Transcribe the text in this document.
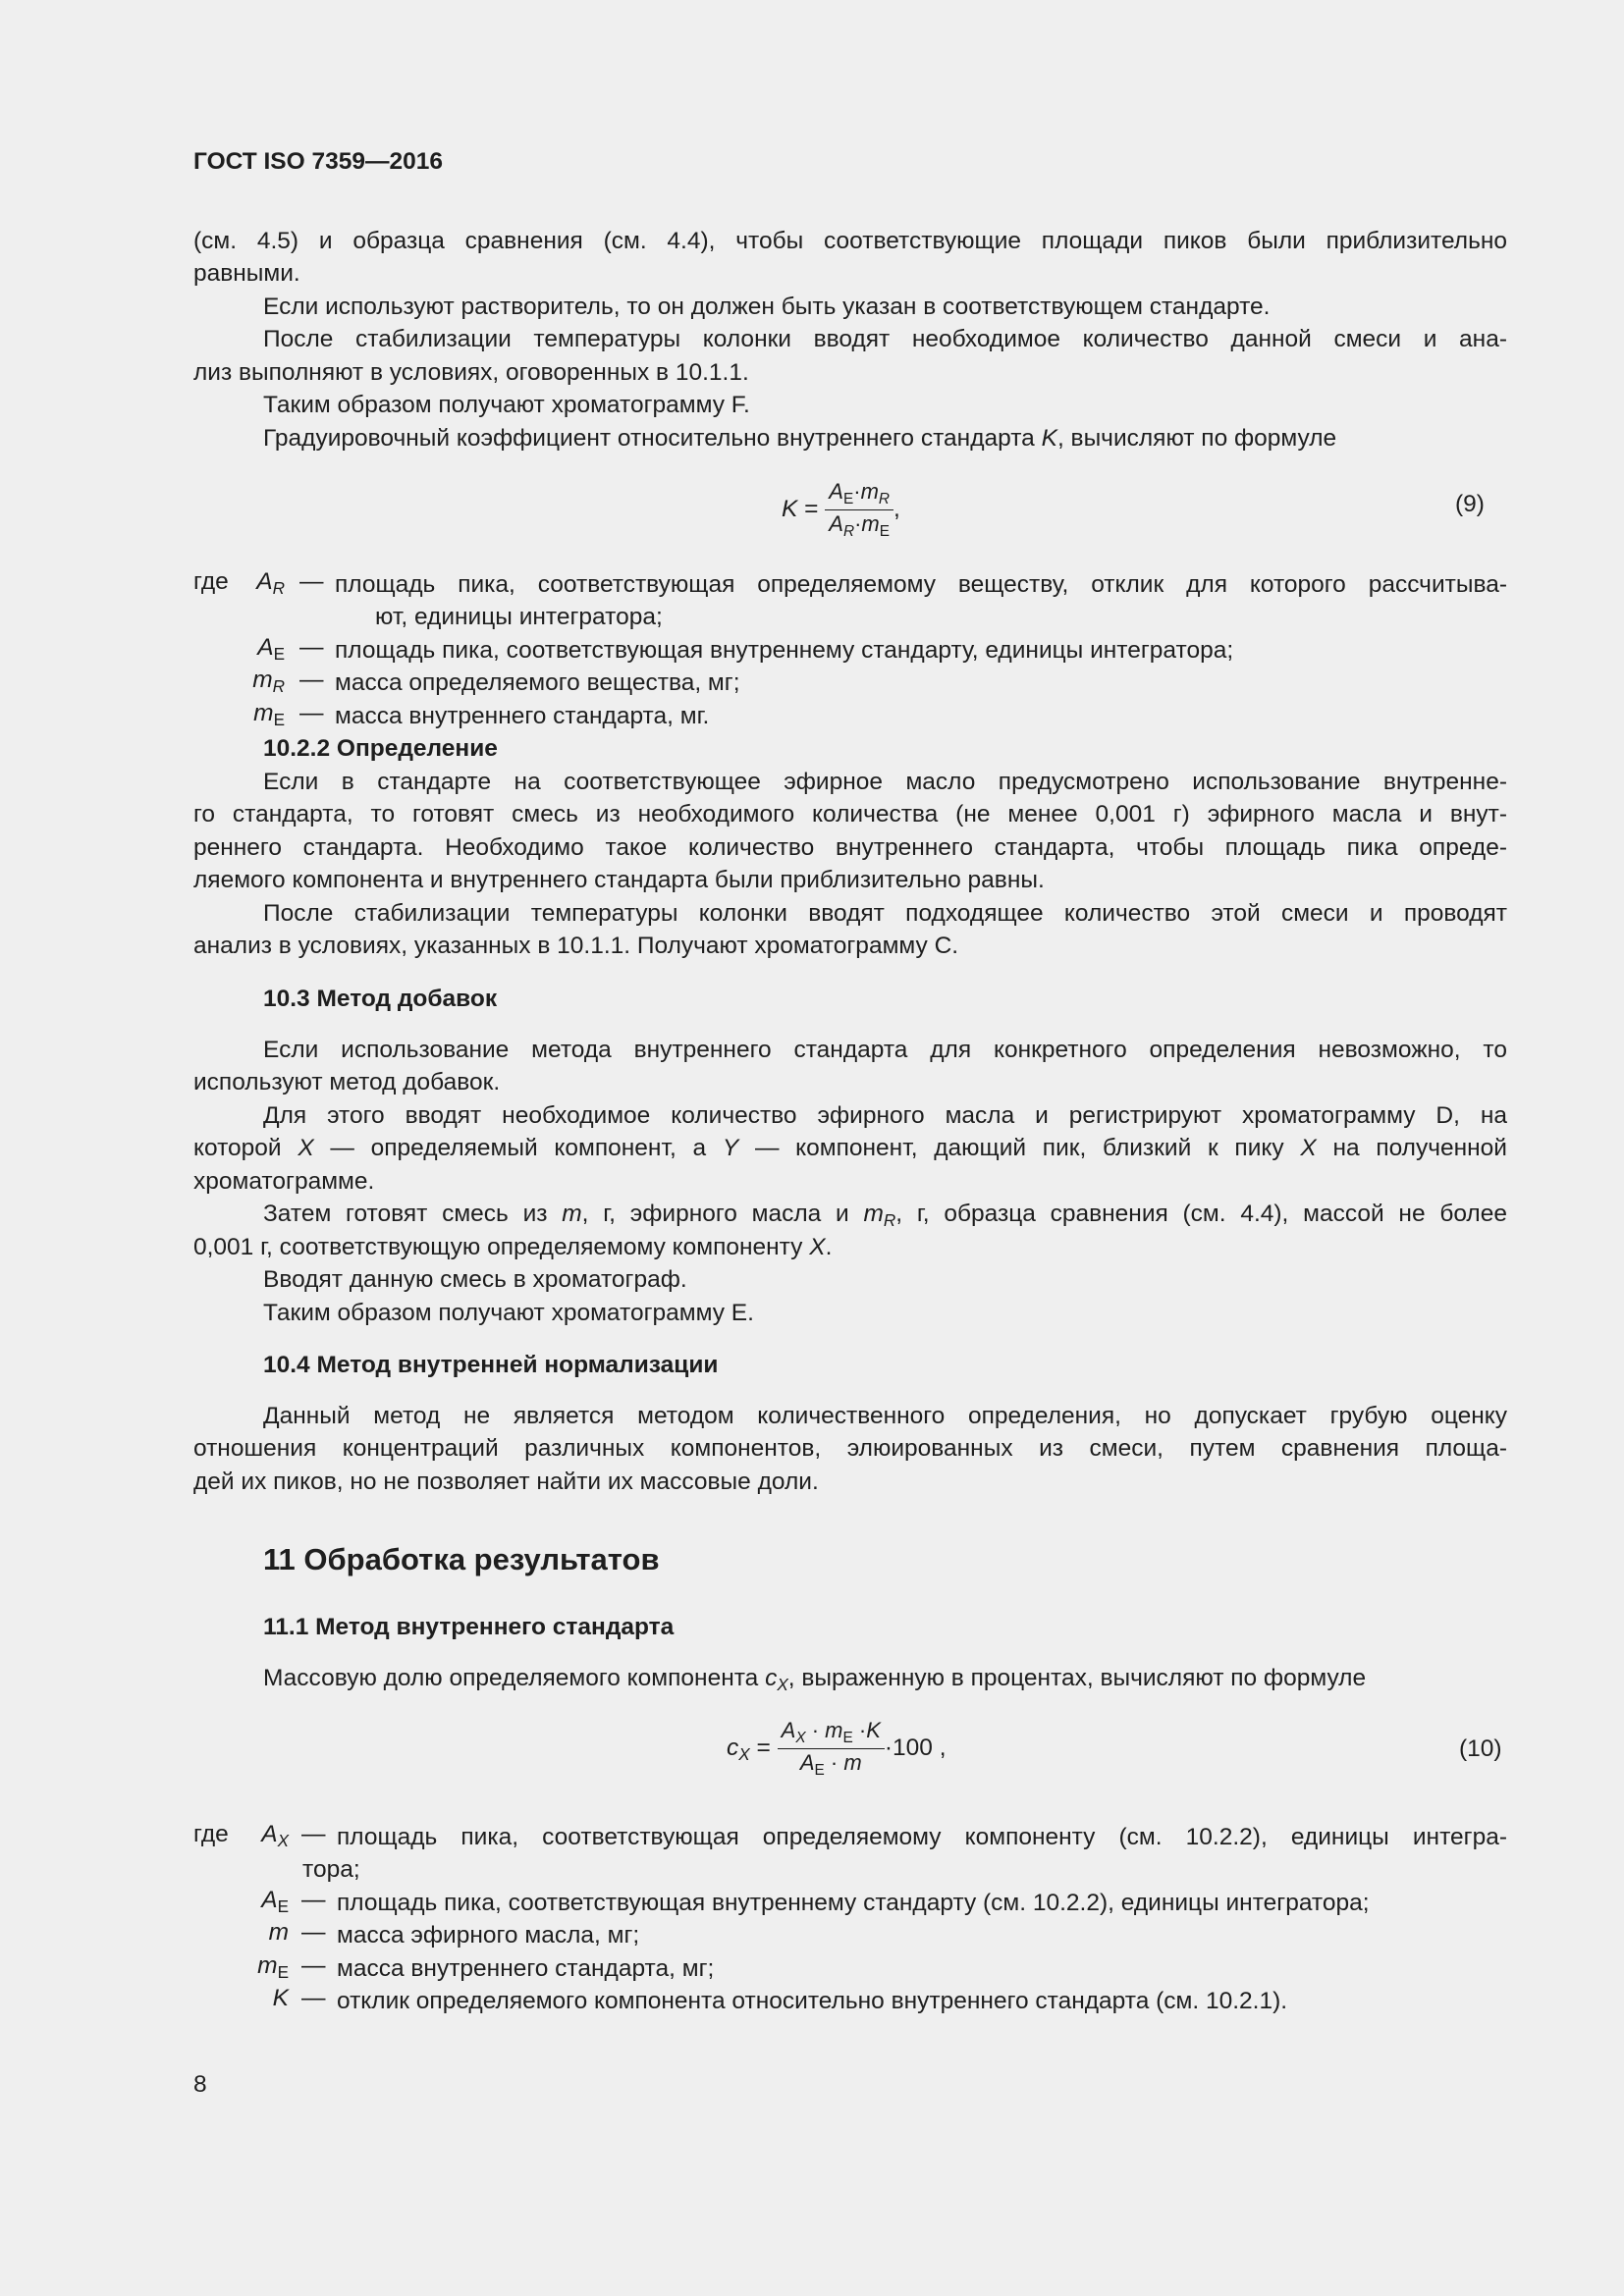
ГОСТ ISO 7359—2016
(см. 4.5) и образца сравнения (см. 4.4), чтобы соответствующие площади пиков были приблизительно
равными.
Если используют растворитель, то он должен быть указан в соответствующем стандарте.
После стабилизации температуры колонки вводят необходимое количество данной смеси и ана-
лиз выполняют в условиях, оговоренных в 10.1.1.
Таким образом получают хроматограмму F.
Градуировочный коэффициент относительно внутреннего стандарта K, вычисляют по формуле
$K = \frac{A_E\cdot m_R}{A_R\cdot m_E}$ ,	(9)
где	$A_R$ — площадь пика, соответствующая определяемому веществу, отклик для которого рассчитыва-
ют, единицы интегратора;
$A_E$ — площадь пика, соответствующая внутреннему стандарту, единицы интегратора;
$m_R$ — масса определяемого вещества, мг;
$m_E$ — масса внутреннего стандарта, мг.
10.2.2 Определение
Если в стандарте на соответствующее эфирное масло предусмотрено использование внутренне-
го стандарта, то готовят смесь из необходимого количества (не менее 0,001 г) эфирного масла и внут-
реннего стандарта. Необходимо такое количество внутреннего стандарта, чтобы площадь пика опреде-
ляемого компонента и внутреннего стандарта были приблизительно равны.
После стабилизации температуры колонки вводят подходящее количество этой смеси и проводят
анализ в условиях, указанных в 10.1.1. Получают хроматограмму С.
10.3 Метод добавок
Если использование метода внутреннего стандарта для конкретного определения невозможно, то
используют метод добавок.
Для этого вводят необходимое количество эфирного масла и регистрируют хроматограмму D, на
которой X — определяемый компонент, а Y — компонент, дающий пик, близкий к пику X на полученной
хроматограмме.
Затем готовят смесь из m, г, эфирного масла и $m_R$, г, образца сравнения (см. 4.4), массой не более
0,001 г, соответствующую определяемому компоненту X.
Вводят данную смесь в хроматограф.
Таким образом получают хроматограмму Е.
10.4 Метод внутренней нормализации
Данный метод не является методом количественного определения, но допускает грубую оценку
отношения концентраций различных компонентов, элюированных из смеси, путем сравнения площа-
дей их пиков, но не позволяет найти их массовые доли.
11 Обработка результатов
11.1 Метод внутреннего стандарта
Массовую долю определяемого компонента $c_X$, выраженную в процентах, вычисляют по формуле
$c_X = \frac{A_X \cdot m_E \cdot K}{A_E \cdot m} \cdot 100$ ,	(10)
где	$A_X$ — площадь пика, соответствующая определяемому компоненту (см. 10.2.2), единицы интегра-
тора;
$A_E$ — площадь пика, соответствующая внутреннему стандарту (см. 10.2.2), единицы интегратора;
m — масса эфирного масла, мг;
$m_E$ — масса внутреннего стандарта, мг;
K — отклик определяемого компонента относительно внутреннего стандарта (см. 10.2.1).
8
